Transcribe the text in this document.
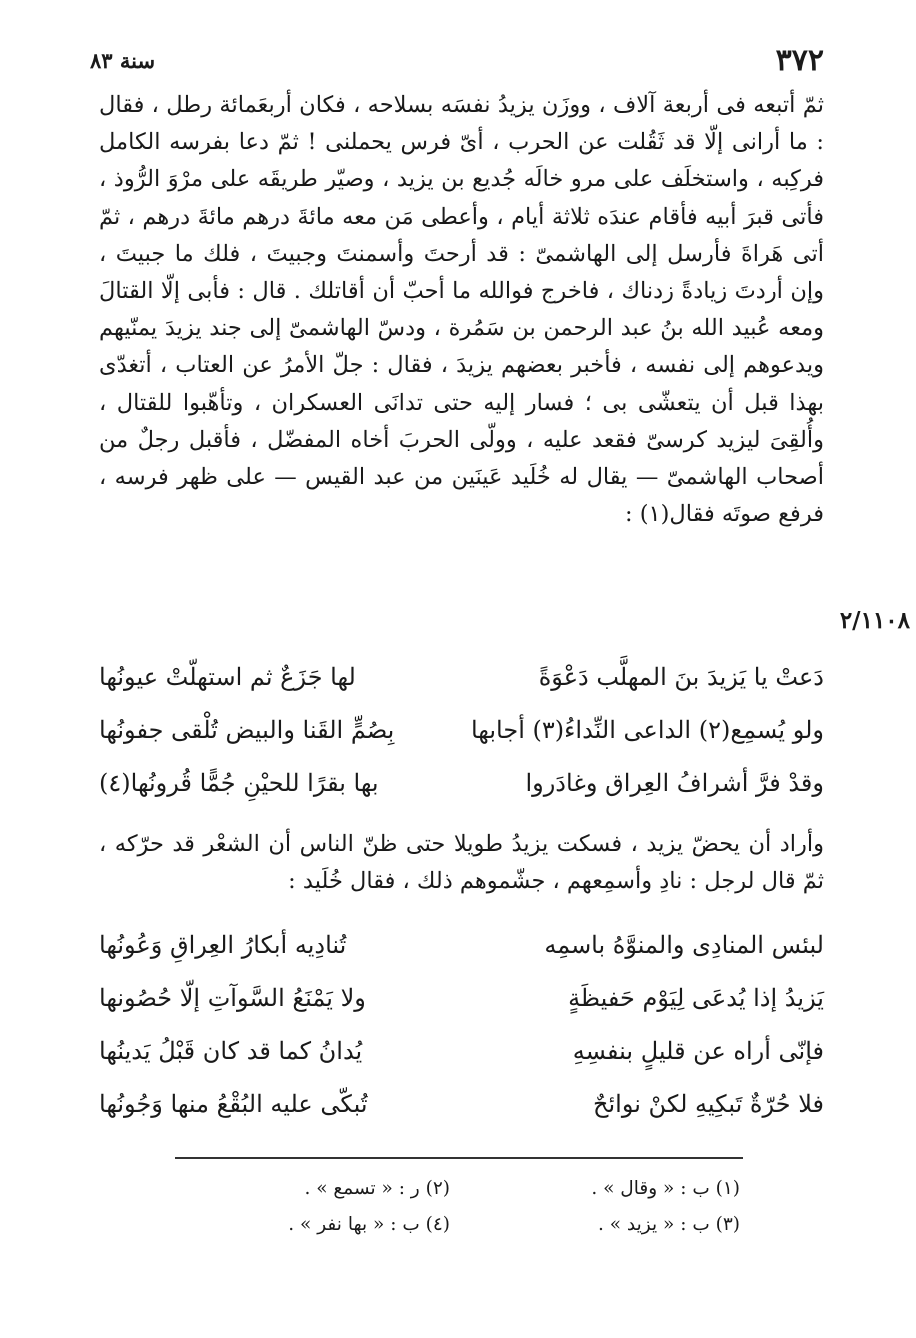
٣٧٢
سنة ٨٣

ثمّ أتبعه فى أربعة آلاف ، ووزَن يزيدُ نفسَه بسلاحه ، فكان أربعَمائة رطل ، فقال : ما أرانى إلّا قد ثَقُلت عن الحرب ، أىّ فرس يحملنى ! ثمّ دعا بفرسه الكامل فركِبه ، واستخلَف على مرو خالَه جُديع بن يزيد ، وصيّر طريقَه على مرْوَ الرُّوذ ، فأتى قبرَ أبيه فأقام عندَه ثلاثة أيام ، وأعطى مَن معه مائةَ درهم مائةَ درهم ، ثمّ أتى هَراةَ فأرسل إلى الهاشمىّ : قد أرحتَ وأسمنتَ وجبيتَ ، فلك ما جبيتَ ، وإن أردتَ زيادةً زدناك ، فاخرج فوالله ما أحبّ أن أقاتلك . قال : فأبى إلّا القتالَ ومعه عُبيد الله بنُ عبد الرحمن بن سَمُرة ، ودسّ الهاشمىّ إلى جند يزيدَ يمنّيهم ويدعوهم إلى نفسه ، فأخبر بعضهم يزيدَ ، فقال : جلّ الأمرُ عن العتاب ، أتغدّى بهذا قبل أن يتعشّى بى ؛ فسار إليه حتى تدانَى العسكران ، وتأهّبوا للقتال ، وأُلقِىَ ليزيد كرسىّ فقعد عليه ، وولّى الحربَ أخاه المفضّل ، فأقبل رجلٌ من أصحاب الهاشمىّ — يقال له خُلَيد عَينَين من عبد القيس — على ظهر فرسه ، فرفع صوتَه فقال(١) :

٢/١١٠٨
دَعتْ يا يَزيدَ بنَ المهلَّب دَعْوَةً
لها جَزَعٌ ثم استهلّتْ عيونُها
ولو يُسمِع(٢) الداعى النِّداءُ(٣) أجابها
بِصُمٍّ القَنا والبيض تُلْقى جفونُها
وقدْ فرَّ أشرافُ العِراق وغادَروا
بها بقرًا للحيْنِ جُمًّا قُرونُها(٤)

وأراد أن يحضّ يزيد ، فسكت يزيدُ طويلا حتى ظنّ الناس أن الشعْر قد حرّكه ، ثمّ قال لرجل : نادِ وأسمِعهم ، جشّموهم ذلك ، فقال خُلَيد :

لبئس المنادِى والمنوَّهُ باسمِه
تُنادِيه أبكارُ العِراقِ وَعُونُها
يَزيدُ إذا يُدعَى لِيَوْم حَفيظَةٍ
ولا يَمْنَعُ السَّوآتِ إلّا حُصُونها
فإنّى أراه عن قليلٍ بنفسِهِ
يُدانُ كما قد كان قَبْلُ يَدينُها
فلا حُرّةٌ تَبكِيهِ لكنْ نوائحٌ
تُبكّى عليه البُقْعُ منها وَجُونُها
(١) ب : « وقال » .
(٢) ر : « تسمع » .
(٣) ب : « يزيد » .
(٤) ب : « بها نفر » .
